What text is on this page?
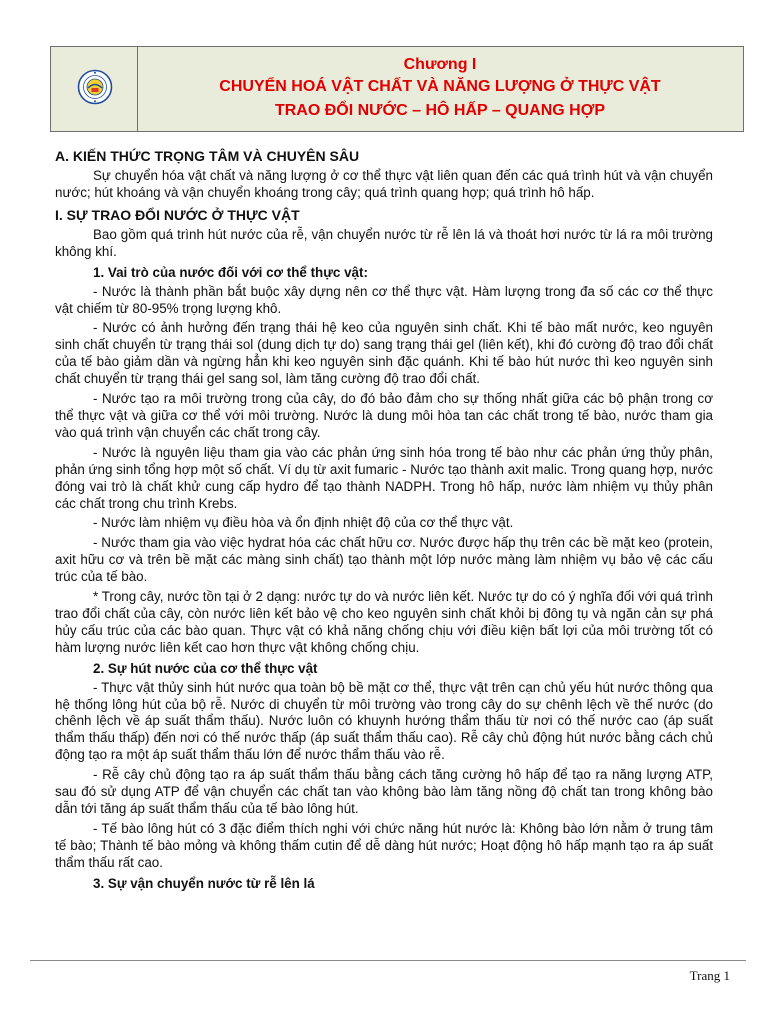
Chương I
CHUYỂN HOÁ VẬT CHẤT VÀ NĂNG LƯỢNG Ở THỰC VẬT
TRAO ĐỔI NƯỚC – HÔ HẤP – QUANG HỢP
A. KIẾN THỨC TRỌNG TÂM VÀ CHUYÊN SÂU

Sự chuyển hóa vật chất và năng lượng ở cơ thể thực vật liên quan đến các quá trình hút và vận chuyển nước; hút khoáng và vận chuyển khoáng trong cây; quá trình quang hợp; quá trình hô hấp.

I. SỰ TRAO ĐỔI NƯỚC Ở THỰC VẬT

Bao gồm quá trình hút nước của rễ, vận chuyển nước từ rễ lên lá và thoát hơi nước từ lá ra môi trường không khí.

1. Vai trò của nước đối với cơ thể thực vật:

- Nước là thành phần bắt buộc xây dựng nên cơ thể thực vật. Hàm lượng trong đa số các cơ thể thực vật chiếm từ 80-95% trọng lượng khô.

- Nước có ảnh hưởng đến trạng thái hệ keo của nguyên sinh chất. Khi tế bào mất nước, keo nguyên sinh chất chuyển từ trạng thái sol (dung dịch tự do) sang trạng thái gel (liên kết), khi đó cường độ trao đổi chất của tế bào giảm dần và ngừng hẳn khi keo nguyên sinh đặc quánh. Khi tế bào hút nước thì keo nguyên sinh chất chuyển từ trạng thái gel sang sol, làm tăng cường độ trao đổi chất.

- Nước tạo ra môi trường trong của cây, do đó bảo đảm cho sự thống nhất giữa các bộ phận trong cơ thể thực vật và giữa cơ thể với môi trường. Nước là dung môi hòa tan các chất trong tế bào, nước tham gia vào quá trình vận chuyển các chất trong cây.

- Nước là nguyên liệu tham gia vào các phản ứng sinh hóa trong tế bào như các phản ứng thủy phân, phản ứng sinh tổng hợp một số chất. Ví dụ từ axit fumaric - Nước tạo thành axit malic. Trong quang hợp, nước đóng vai trò là chất khử cung cấp hydro để tạo thành NADPH. Trong hô hấp, nước làm nhiệm vụ thủy phân các chất trong chu trình Krebs.

- Nước làm nhiệm vụ điều hòa và ổn định nhiệt độ của cơ thể thực vật.

- Nước tham gia vào việc hydrat hóa các chất hữu cơ. Nước được hấp thụ trên các bề mặt keo (protein, axit hữu cơ và trên bề mặt các màng sinh chất) tạo thành một lớp nước màng làm nhiệm vụ bảo vệ các cấu trúc của tế bào.

* Trong cây, nước tồn tại ở 2 dạng: nước tự do và nước liên kết. Nước tự do có ý nghĩa đối với quá trình trao đổi chất của cây, còn nước liên kết bảo vệ cho keo nguyên sinh chất khỏi bị đông tụ và ngăn cản sự phá hủy cấu trúc của các bào quan. Thực vật có khả năng chống chịu với điều kiện bất lợi của môi trường tốt có hàm lượng nước liên kết cao hơn thực vật không chống chịu.

2. Sự hút nước của cơ thể thực vật

- Thực vật thủy sinh hút nước qua toàn bộ bề mặt cơ thể, thực vật trên cạn chủ yếu hút nước thông qua hệ thống lông hút của bộ rễ. Nước di chuyển từ môi trường vào trong cây do sự chênh lệch về thế nước (do chênh lệch về áp suất thẩm thấu). Nước luôn có khuynh hướng thẩm thấu từ nơi có thế nước cao (áp suất thẩm thấu thấp) đến nơi có thế nước thấp (áp suất thẩm thấu cao). Rễ cây chủ động hút nước bằng cách chủ động tạo ra một áp suất thẩm thấu lớn để nước thẩm thấu vào rễ.

- Rễ cây chủ động tạo ra áp suất thẩm thấu bằng cách tăng cường hô hấp để tạo ra năng lượng ATP, sau đó sử dụng ATP để vận chuyển các chất tan vào không bào làm tăng nồng độ chất tan trong không bào dẫn tới tăng áp suất thẩm thấu của tế bào lông hút.

- Tế bào lông hút có 3 đặc điểm thích nghi với chức năng hút nước là: Không bào lớn nằm ở trung tâm tế bào; Thành tế bào mỏng và không thấm cutin để dễ dàng hút nước; Hoạt động hô hấp mạnh tạo ra áp suất thẩm thấu rất cao.

3. Sự vận chuyển nước từ rễ lên lá
Trang 1
